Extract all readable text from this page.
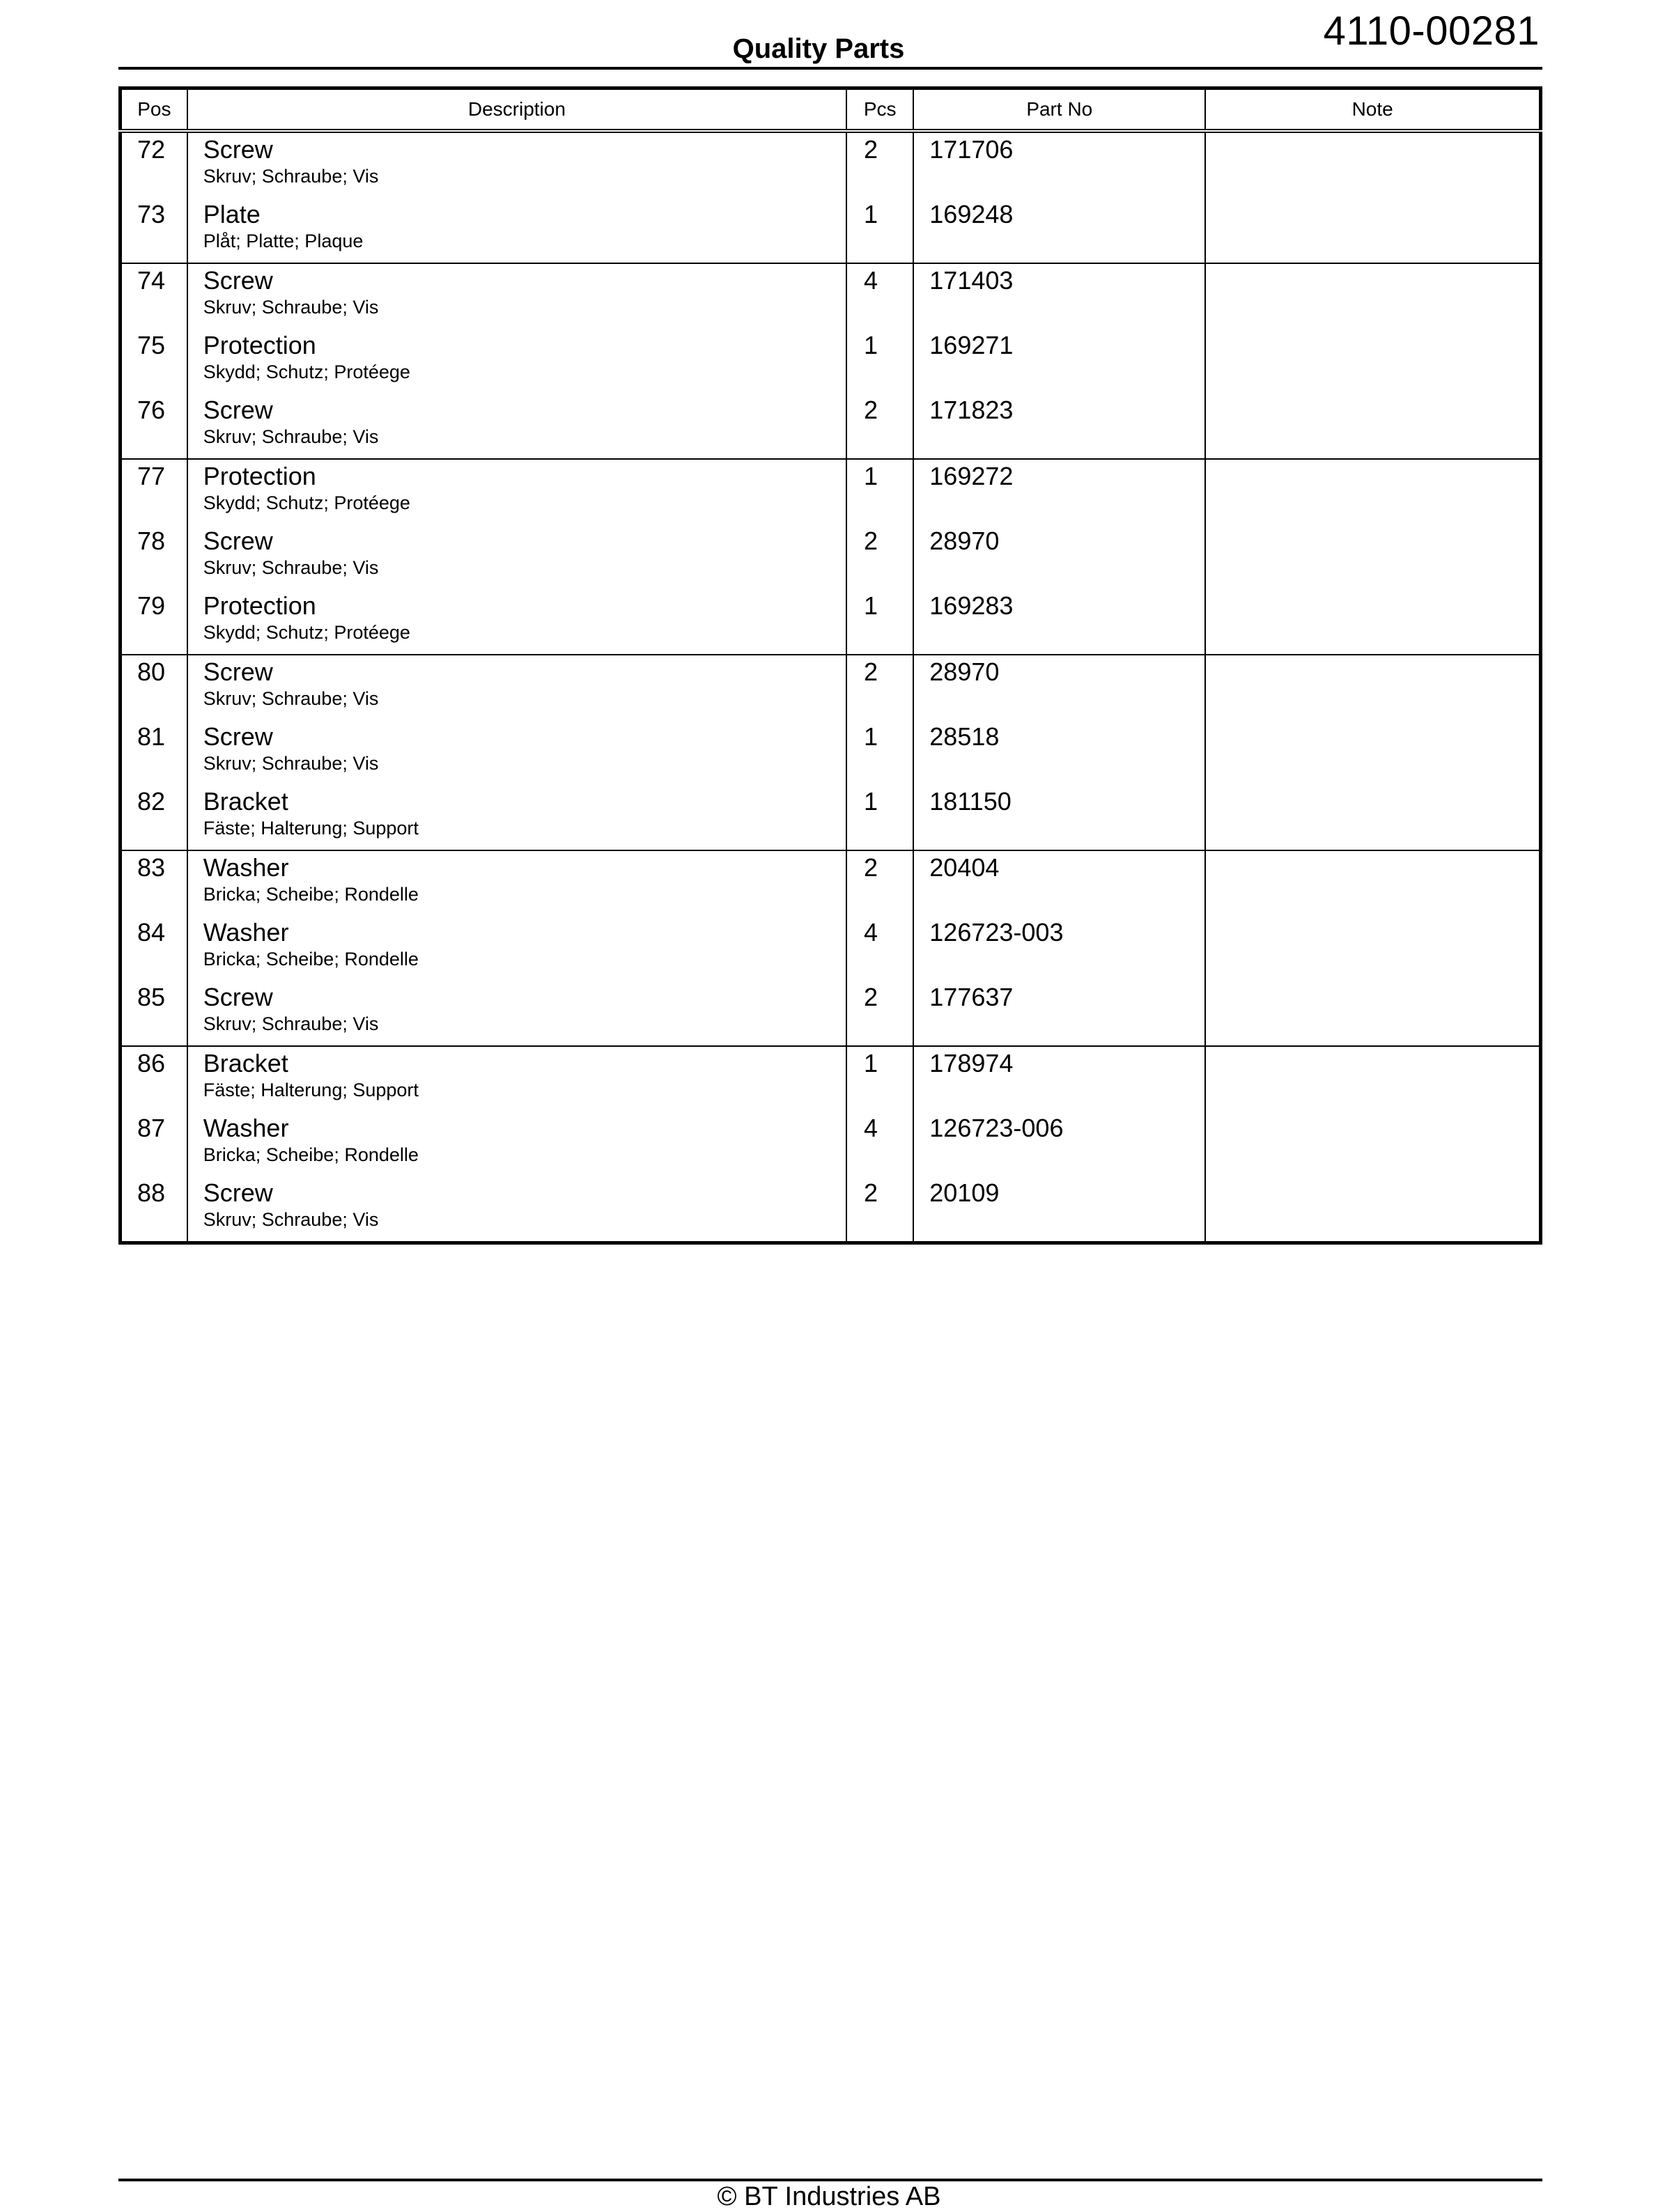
4110-00281
Quality Parts
Pos	Description	Pcs	Part No	Note
72	Screw
Skruv; Schraube; Vis	2	171706	
73	Plate
Plåt; Platte; Plaque	1	169248	
74	Screw
Skruv; Schraube; Vis	4	171403	
75	Protection
Skydd; Schutz; Protéege	1	169271	
76	Screw
Skruv; Schraube; Vis	2	171823	
77	Protection
Skydd; Schutz; Protéege	1	169272	
78	Screw
Skruv; Schraube; Vis	2	28970	
79	Protection
Skydd; Schutz; Protéege	1	169283	
80	Screw
Skruv; Schraube; Vis	2	28970	
81	Screw
Skruv; Schraube; Vis	1	28518	
82	Bracket
Fäste; Halterung; Support	1	181150	
83	Washer
Bricka; Scheibe; Rondelle	2	20404	
84	Washer
Bricka; Scheibe; Rondelle	4	126723-003	
85	Screw
Skruv; Schraube; Vis	2	177637	
86	Bracket
Fäste; Halterung; Support	1	178974	
87	Washer
Bricka; Scheibe; Rondelle	4	126723-006	
88	Screw
Skruv; Schraube; Vis	2	20109	
© BT Industries AB
